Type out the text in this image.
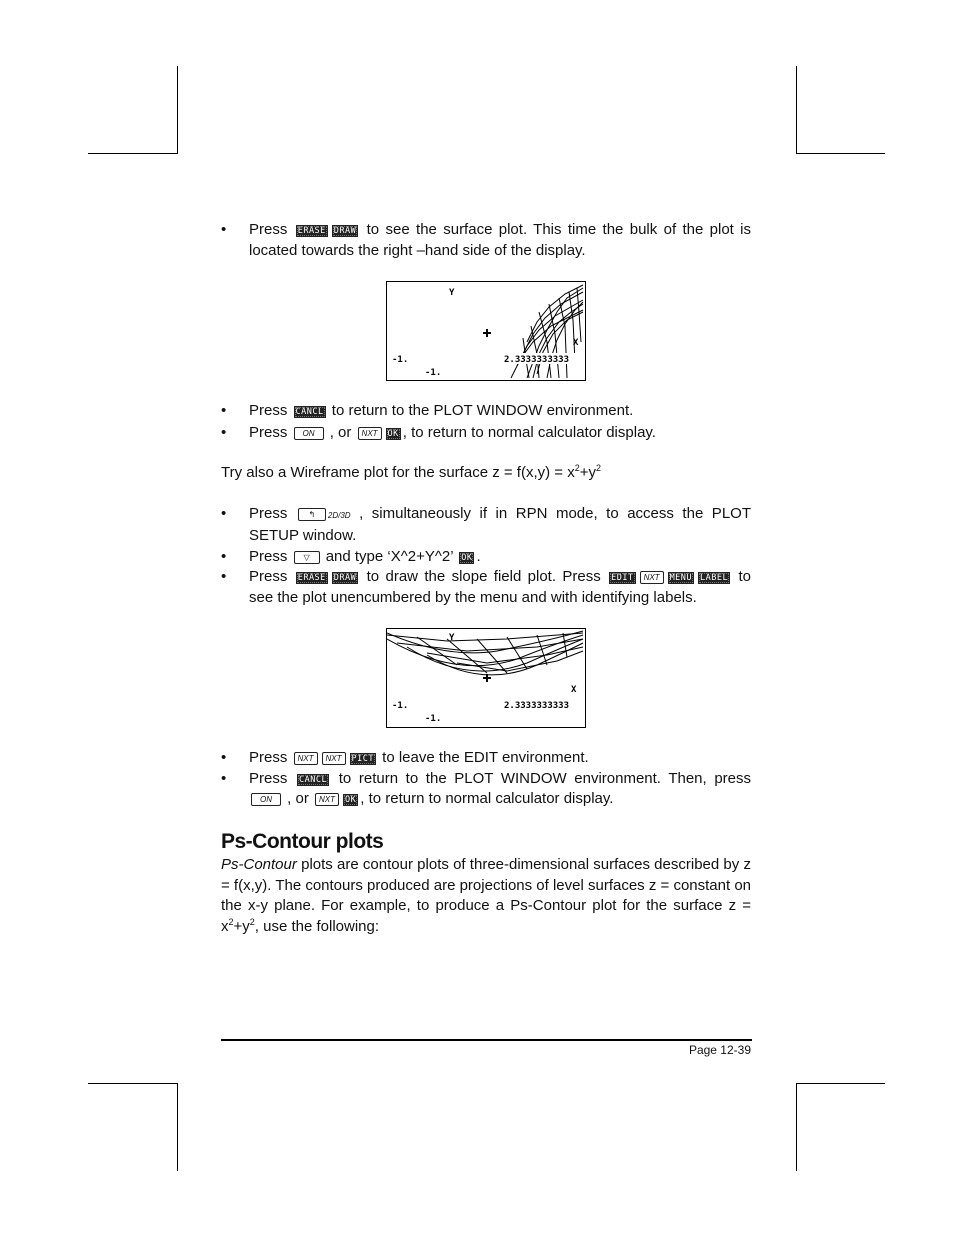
• Press ERASE DRAW to see the surface plot. This time the bulk of the plot is located towards the right –hand side of the display.
Y
X
-1.
-1.
2.3333333333
• Press CANCL to return to the PLOT WINDOW environment.
• Press ON , or NXT OK , to return to normal calculator display.

Try also a Wireframe plot for the surface $z = f(x,y) = x^2+y^2$

• Press	↰ 2D/3D , simultaneously if in RPN mode, to access the PLOT SETUP window.
• Press ▽ and type ‘X^2+Y^2’ OK .
• Press ERASE DRAW to draw the slope field plot. Press EDIT NXT MENU LABEL to see the plot unencumbered by the menu and with identifying labels.
Y
X
-1.
-1.
2.3333333333
• Press NXT NXT PICT to leave the EDIT environment.
• Press CANCL to return to the PLOT WINDOW environment. Then, press ON , or NXT OK , to return to normal calculator display.
Ps-Contour plots

Ps-Contour plots are contour plots of three-dimensional surfaces described by z = f(x,y). The contours produced are projections of level surfaces z = constant on the x-y plane. For example, to produce a Ps-Contour plot for the surface $z = x^2+y^2$, use the following:

Page 12-39
